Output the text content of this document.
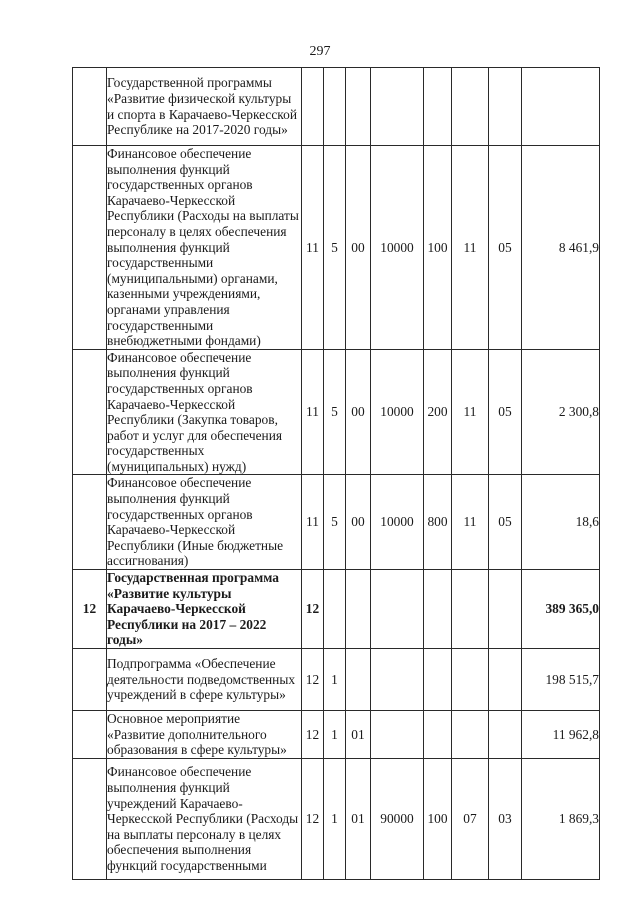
297
	Государственной программы «Развитие физической культуры и спорта в Карачаево-Черкесской Республике на 2017-2020 годы»								
	Финансовое обеспечение выполнения функций государственных органов Карачаево-Черкесской Республики (Расходы на выплаты персоналу в целях обеспечения выполнения функций государственными (муниципальными) органами, казенными учреждениями, органами управления государственными внебюджетными фондами)	11	5	00	10000	100	11	05	8 461,9
	Финансовое обеспечение выполнения функций государственных органов Карачаево-Черкесской Республики (Закупка товаров, работ и услуг для обеспечения государственных (муниципальных) нужд)	11	5	00	10000	200	11	05	2 300,8
	Финансовое обеспечение выполнения функций государственных органов Карачаево-Черкесской Республики (Иные бюджетные ассигнования)	11	5	00	10000	800	11	05	18,6
12	Государственная программа «Развитие культуры Карачаево-Черкесской Республики на 2017 – 2022 годы»	12							389 365,0
	Подпрограмма «Обеспечение деятельности подведомственных учреждений в сфере культуры»	12	1						198 515,7
	Основное мероприятие «Развитие дополнительного образования в сфере культуры»	12	1	01					11 962,8
	Финансовое обеспечение выполнения функций учреждений Карачаево-Черкесской Республики (Расходы на выплаты персоналу в целях обеспечения выполнения функций государственными	12	1	01	90000	100	07	03	1 869,3
